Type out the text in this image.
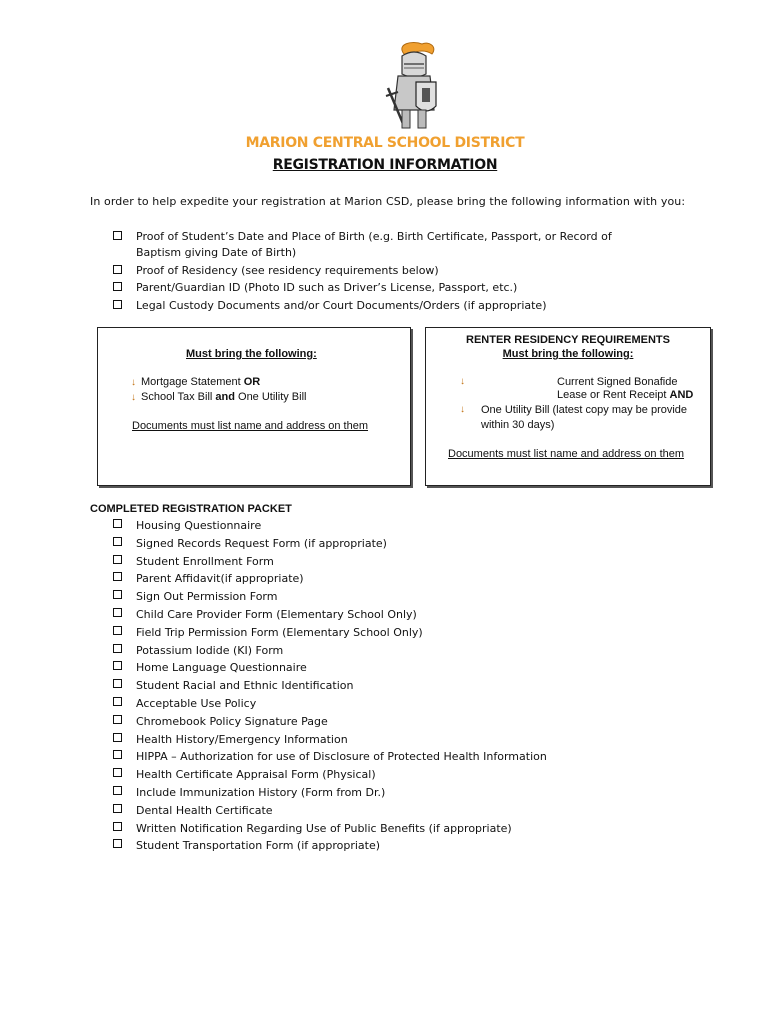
MARION CENTRAL SCHOOL DISTRICT
REGISTRATION INFORMATION
In order to help expedite your registration at Marion CSD, please bring the following information with you:
Proof of Student’s Date and Place of Birth (e.g. Birth Certificate, Passport, or Record of Baptism giving Date of Birth)
Proof of Residency (see residency requirements below)
Parent/Guardian ID (Photo ID such as Driver’s License, Passport, etc.)
Legal Custody Documents and/or Court Documents/Orders (if appropriate)
Must bring the following:
↓ Mortgage Statement OR
↓ School Tax Bill and One Utility Bill
Documents must list name and address on them
RENTER RESIDENCY REQUIREMENTS
Must bring the following:
↓	Current Signed Bonafide
Lease or Rent Receipt AND
↓	One Utility Bill (latest copy may be provide
within 30 days)
Documents must list name and address on them
COMPLETED REGISTRATION PACKET
Housing Questionnaire
Signed Records Request Form (if appropriate)
Student Enrollment Form
Parent Affidavit(if appropriate)
Sign Out Permission Form
Child Care Provider Form (Elementary School Only)
Field Trip Permission Form (Elementary School Only)
Potassium Iodide (KI) Form
Home Language Questionnaire
Student Racial and Ethnic Identification
Acceptable Use Policy
Chromebook Policy Signature Page
Health History/Emergency Information
HIPPA – Authorization for use of Disclosure of Protected Health Information
Health Certificate Appraisal Form (Physical)
Include Immunization History (Form from Dr.)
Dental Health Certificate
Written Notification Regarding Use of Public Benefits (if appropriate)
Student Transportation Form (if appropriate)
